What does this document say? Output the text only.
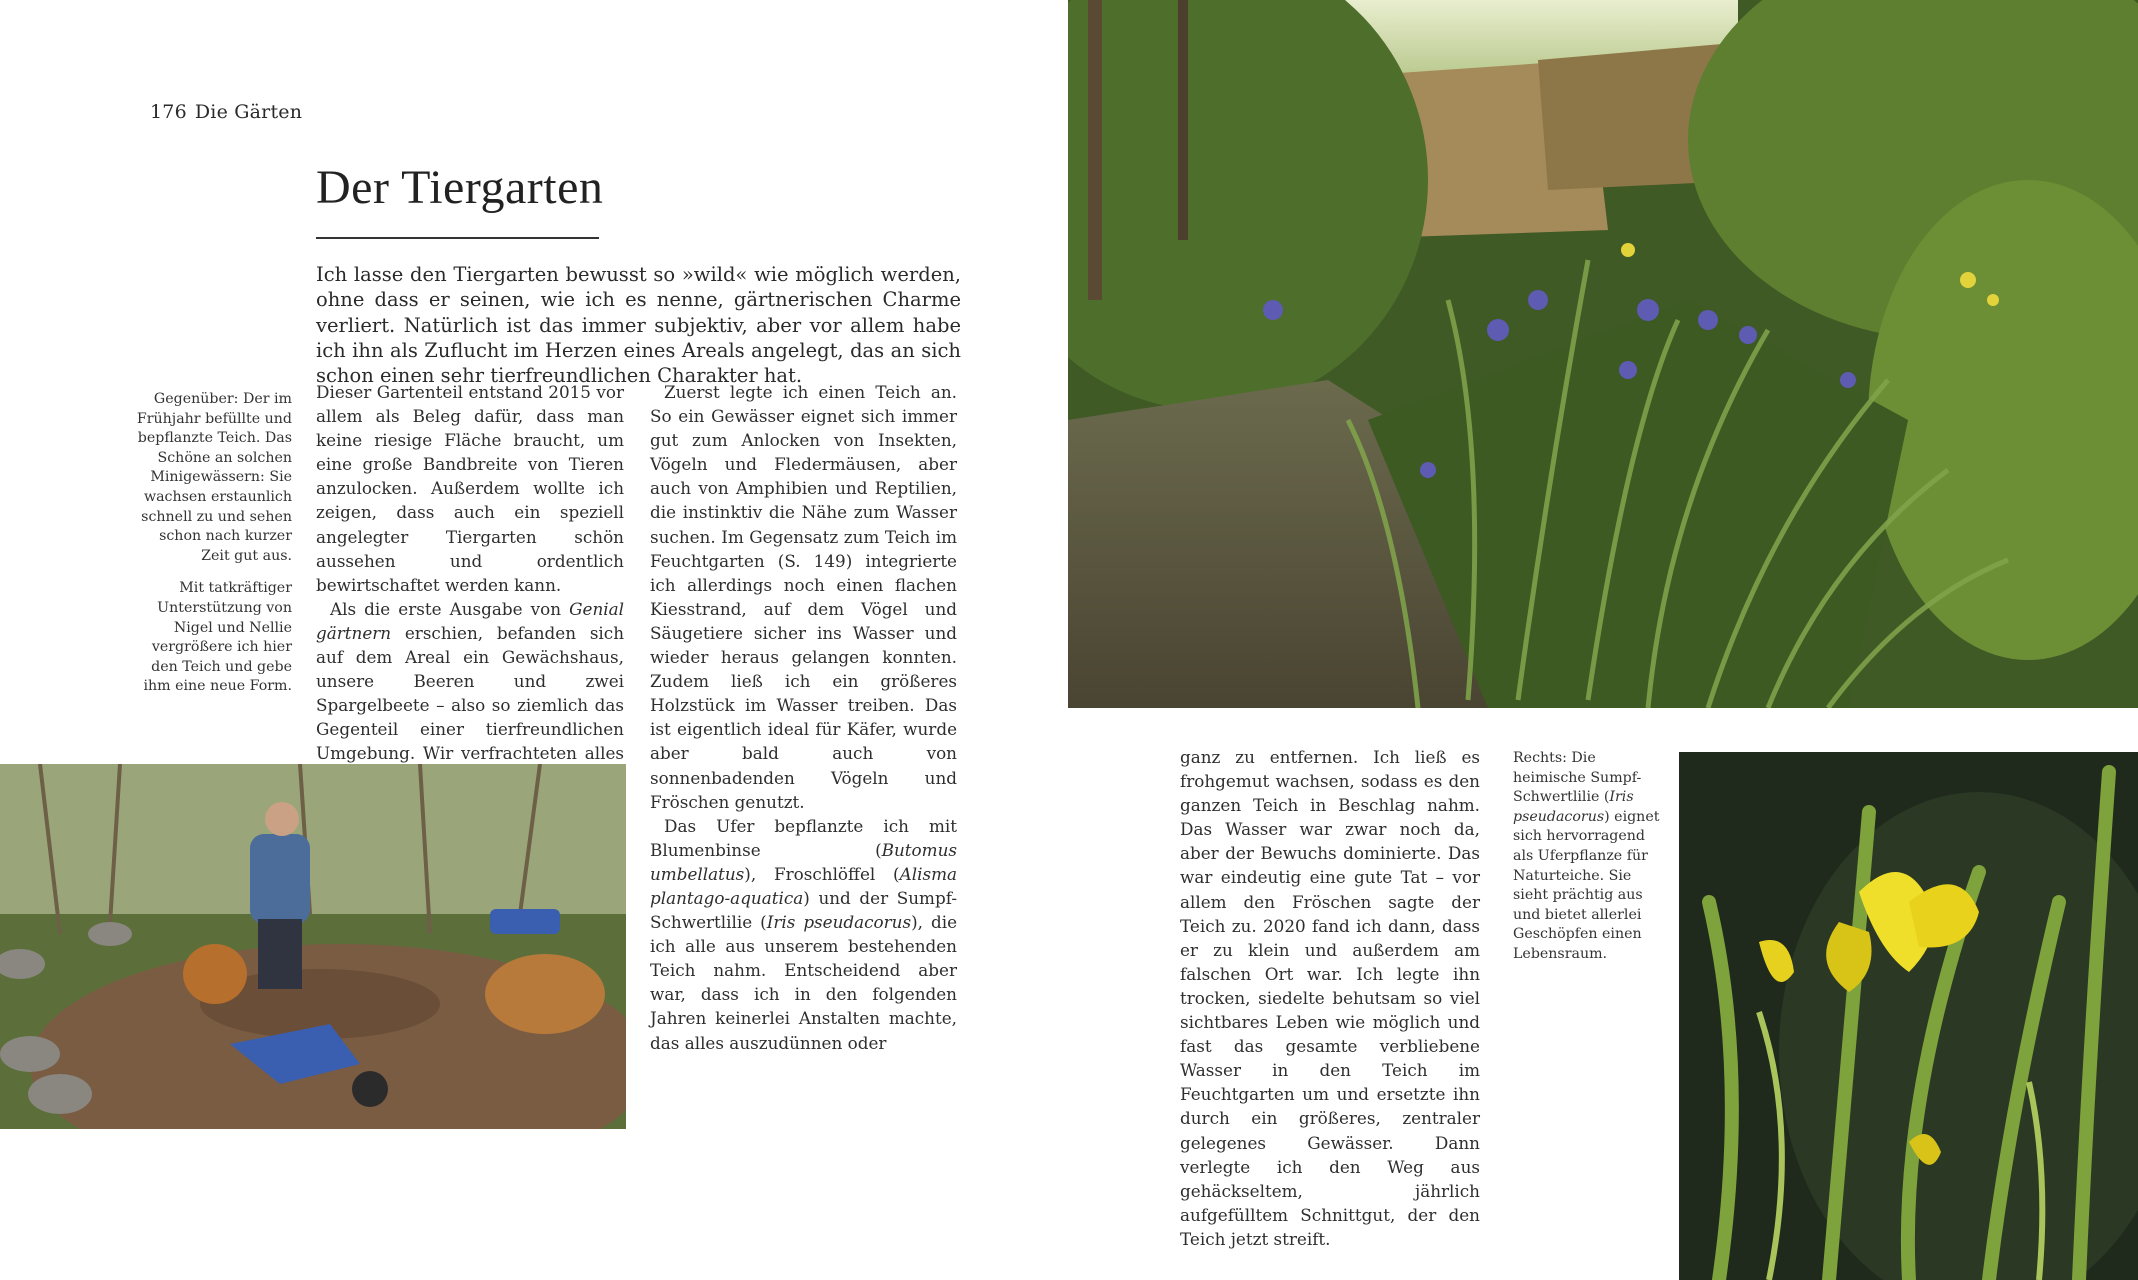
176 Die Gärten
Der Tiergarten
Ich lasse den Tiergarten bewusst so »wild« wie möglich werden, ohne dass er seinen, wie ich es nenne, gärtnerischen Charme verliert. Natürlich ist das immer subjektiv, aber vor allem habe ich ihn als Zuflucht im Herzen eines Areals angelegt, das an sich schon einen sehr tierfreundlichen Charakter hat.

Gegenüber: Der im Frühjahr befüllte und bepflanzte Teich. Das Schöne an solchen Minigewässern: Sie wachsen erstaunlich schnell zu und sehen schon nach kurzer Zeit gut aus.

Mit tatkräftiger Unterstützung von Nigel und Nellie vergrößere ich hier den Teich und gebe ihm eine neue Form.

Dieser Gartenteil entstand 2015 vor allem als Beleg dafür, dass man keine riesige Fläche braucht, um eine große Bandbreite von Tieren anzulocken. Außerdem wollte ich zeigen, dass auch ein speziell angelegter Tiergarten schön aussehen und ordentlich bewirtschaftet werden kann.

Als die erste Ausgabe von Genial gärtnern erschien, befanden sich auf dem Areal ein Gewächshaus, unsere Beeren und zwei Spargelbeete – also so ziemlich das Gegenteil einer tierfreundlichen Umgebung. Wir verfrachteten alles

Zuerst legte ich einen Teich an. So ein Gewässer eignet sich immer gut zum Anlocken von Insekten, Vögeln und Fledermäusen, aber auch von Amphibien und Reptilien, die instinktiv die Nähe zum Wasser suchen. Im Gegensatz zum Teich im Feuchtgarten (S. 149) integrierte ich allerdings noch einen flachen Kiesstrand, auf dem Vögel und Säugetiere sicher ins Wasser und wieder heraus gelangen konnten. Zudem ließ ich ein größeres Holzstück im Wasser treiben. Das ist eigentlich ideal für Käfer, wurde aber bald auch von sonnenbadenden Vögeln und Fröschen genutzt.

Das Ufer bepflanzte ich mit Blumenbinse (Butomus umbellatus), Froschlöffel (Alisma plantago-aquatica) und der Sumpf-Schwertlilie (Iris pseudacorus), die ich alle aus unserem bestehenden Teich nahm. Entscheidend aber war, dass ich in den folgenden Jahren keinerlei Anstalten machte, das alles auszudünnen oder

ganz zu entfernen. Ich ließ es frohgemut wachsen, sodass es den ganzen Teich in Beschlag nahm. Das Wasser war zwar noch da, aber der Bewuchs dominierte. Das war eindeutig eine gute Tat – vor allem den Fröschen sagte der Teich zu. 2020 fand ich dann, dass er zu klein und außerdem am falschen Ort war. Ich legte ihn trocken, siedelte behutsam so viel sichtbares Leben wie möglich und fast das gesamte verbliebene Wasser in den Teich im Feuchtgarten um und ersetzte ihn durch ein größeres, zentraler gelegenes Gewässer. Dann verlegte ich den Weg aus gehäckseltem, jährlich aufgefülltem Schnittgut, der den Teich jetzt streift.

Rechts: Die heimische Sumpf-Schwertlilie (Iris pseudacorus) eignet sich hervorragend als Uferpflanze für Naturteiche. Sie sieht prächtig aus und bietet allerlei Geschöpfen einen Lebensraum.
